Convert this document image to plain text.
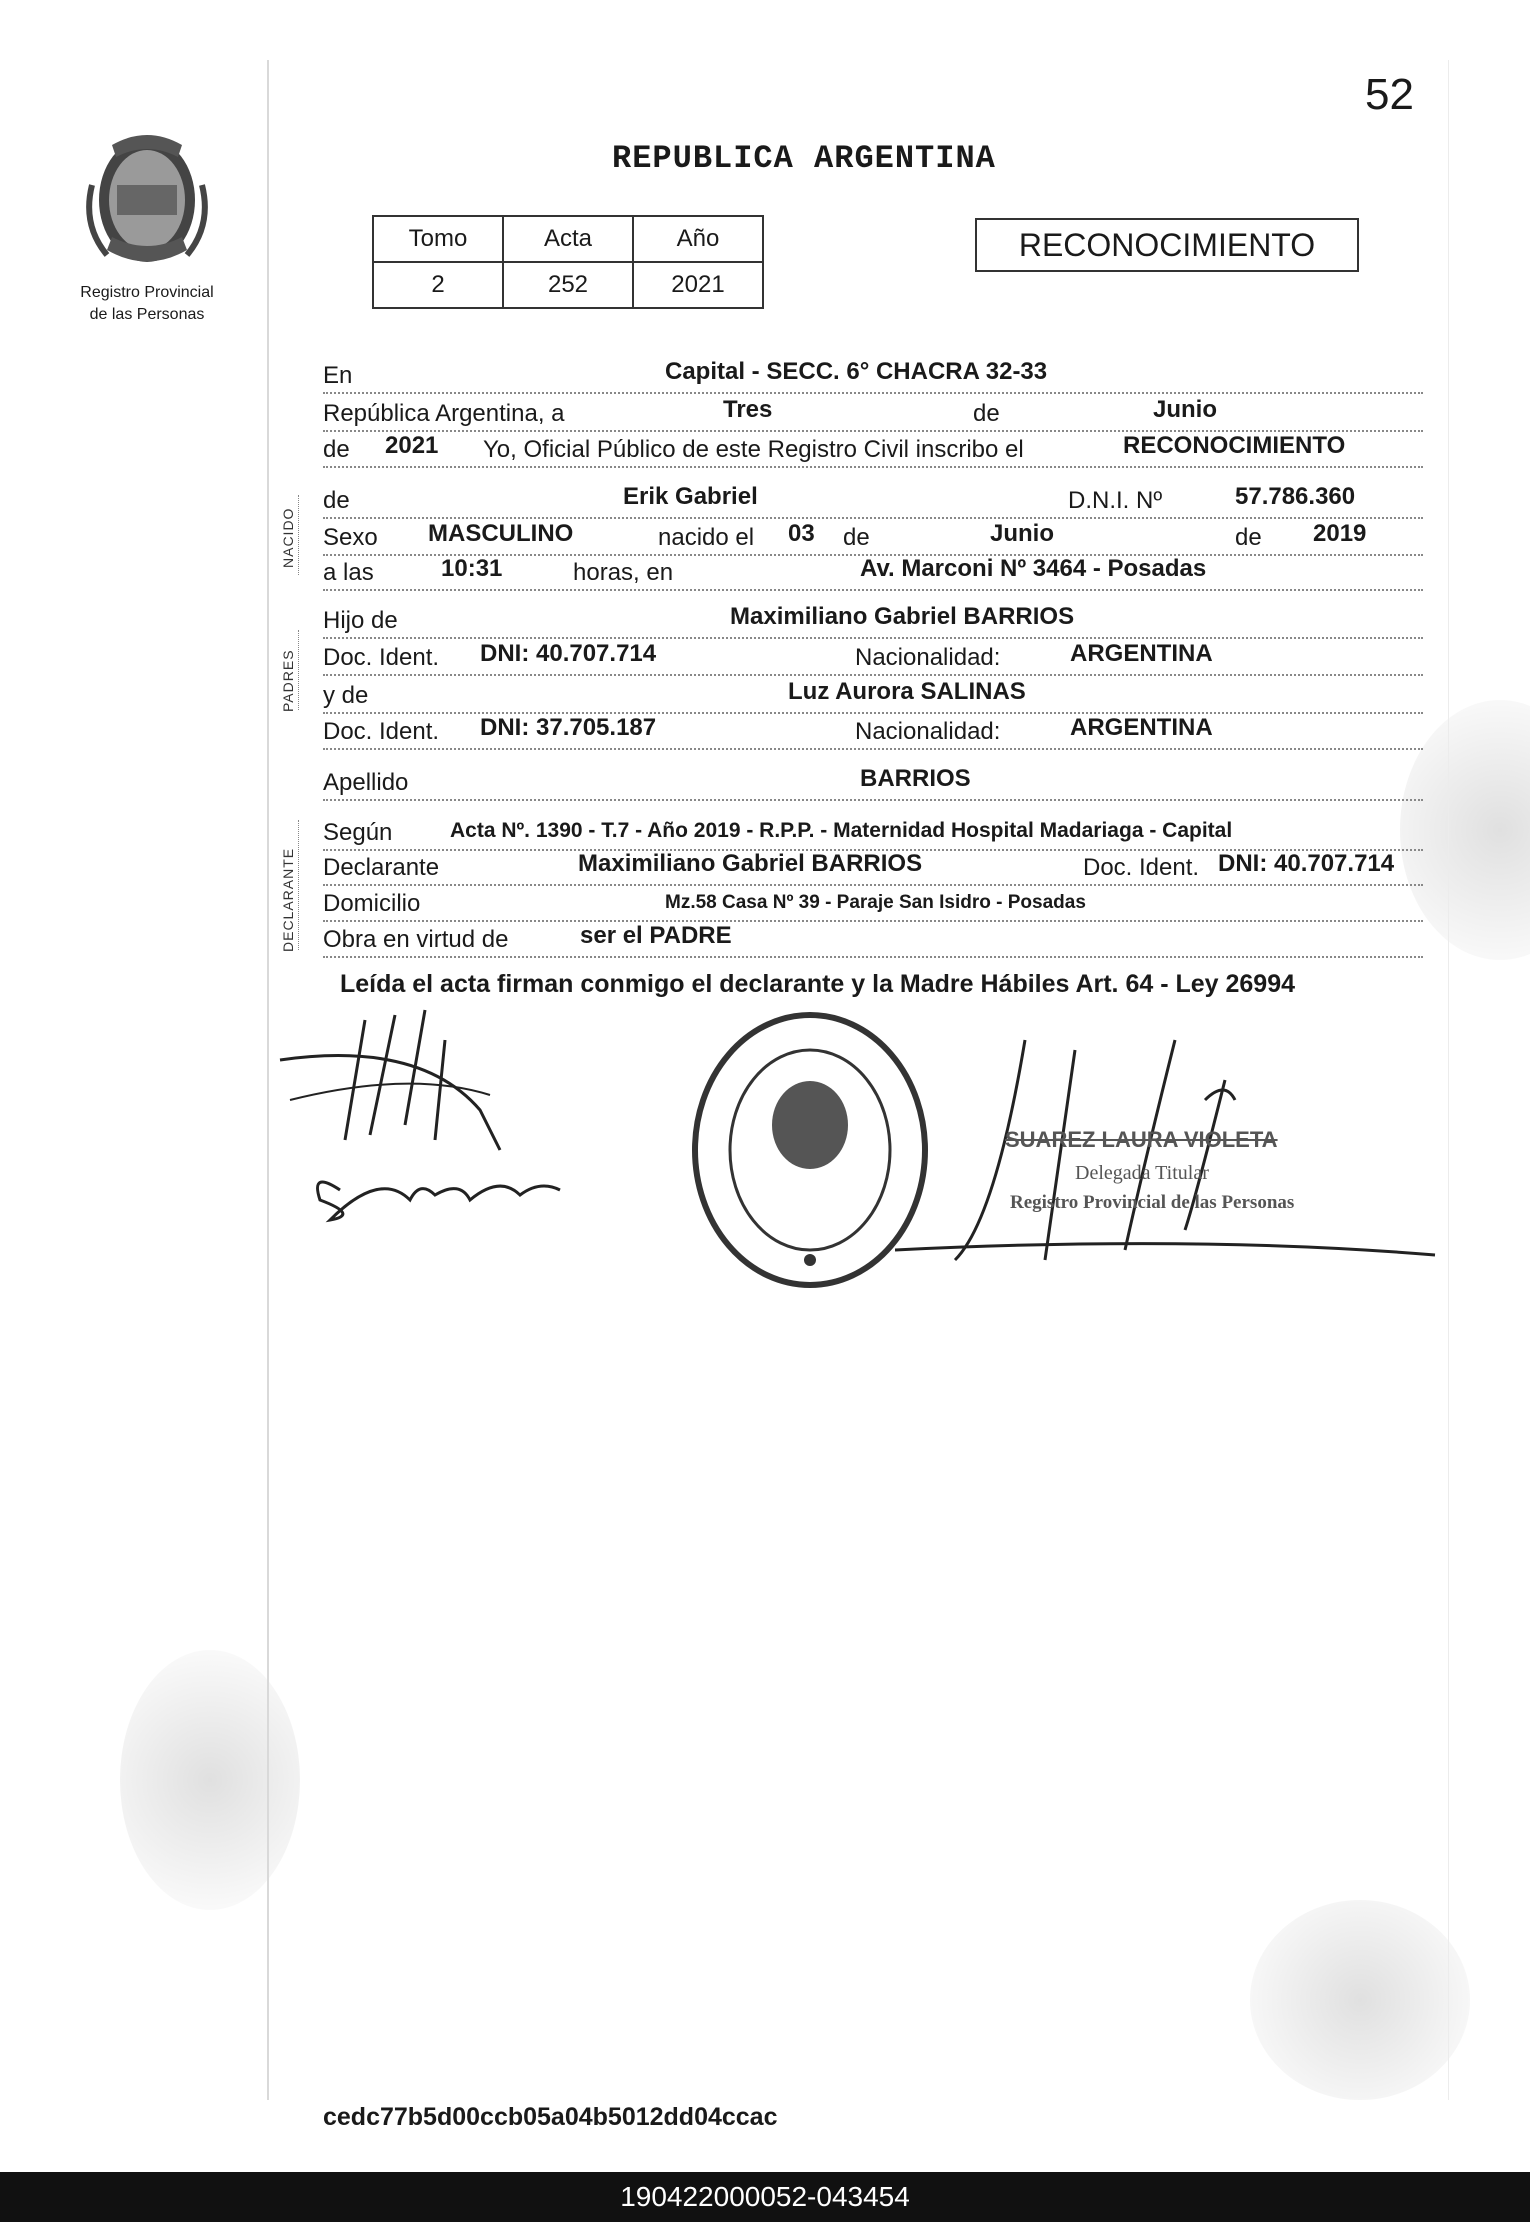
52
Registro Provincial
de las Personas
REPUBLICA ARGENTINA
Tomo	Acta	Año
2	252	2021
RECONOCIMIENTO
NACIDO
PADRES
DECLARANTE
En	Capital - SECC. 6° CHACRA 32-33
República Argentina, a	Tres	de	Junio
de 2021 Yo, Oficial Público de este Registro Civil inscribo el	RECONOCIMIENTO
de	Erik Gabriel	D.N.I. Nº	57.786.360
Sexo MASCULINO	nacido el 03 de	Junio	de 2019
a las	10:31	horas, en	Av. Marconi Nº 3464 - Posadas
Hijo de	Maximiliano Gabriel BARRIOS
Doc. Ident. DNI: 40.707.714	Nacionalidad:	ARGENTINA
y de	Luz Aurora SALINAS
Doc. Ident. DNI: 37.705.187	Nacionalidad:	ARGENTINA
Apellido	BARRIOS
Según	Acta Nº. 1390 - T.7 - Año 2019 - R.P.P. - Maternidad Hospital Madariaga - Capital
Declarante	Maximiliano Gabriel BARRIOS	Doc. Ident. DNI: 40.707.714
Domicilio	Mz.58 Casa Nº 39 - Paraje San Isidro - Posadas
Obra en virtud de	ser el PADRE
Leída el acta firman conmigo el declarante y la Madre Hábiles Art. 64 - Ley 26994
SUAREZ LAURA VIOLETA
Delegada Titular
Registro Provincial de las Personas
cedc77b5d00ccb05a04b5012dd04ccac
190422000052-043454
